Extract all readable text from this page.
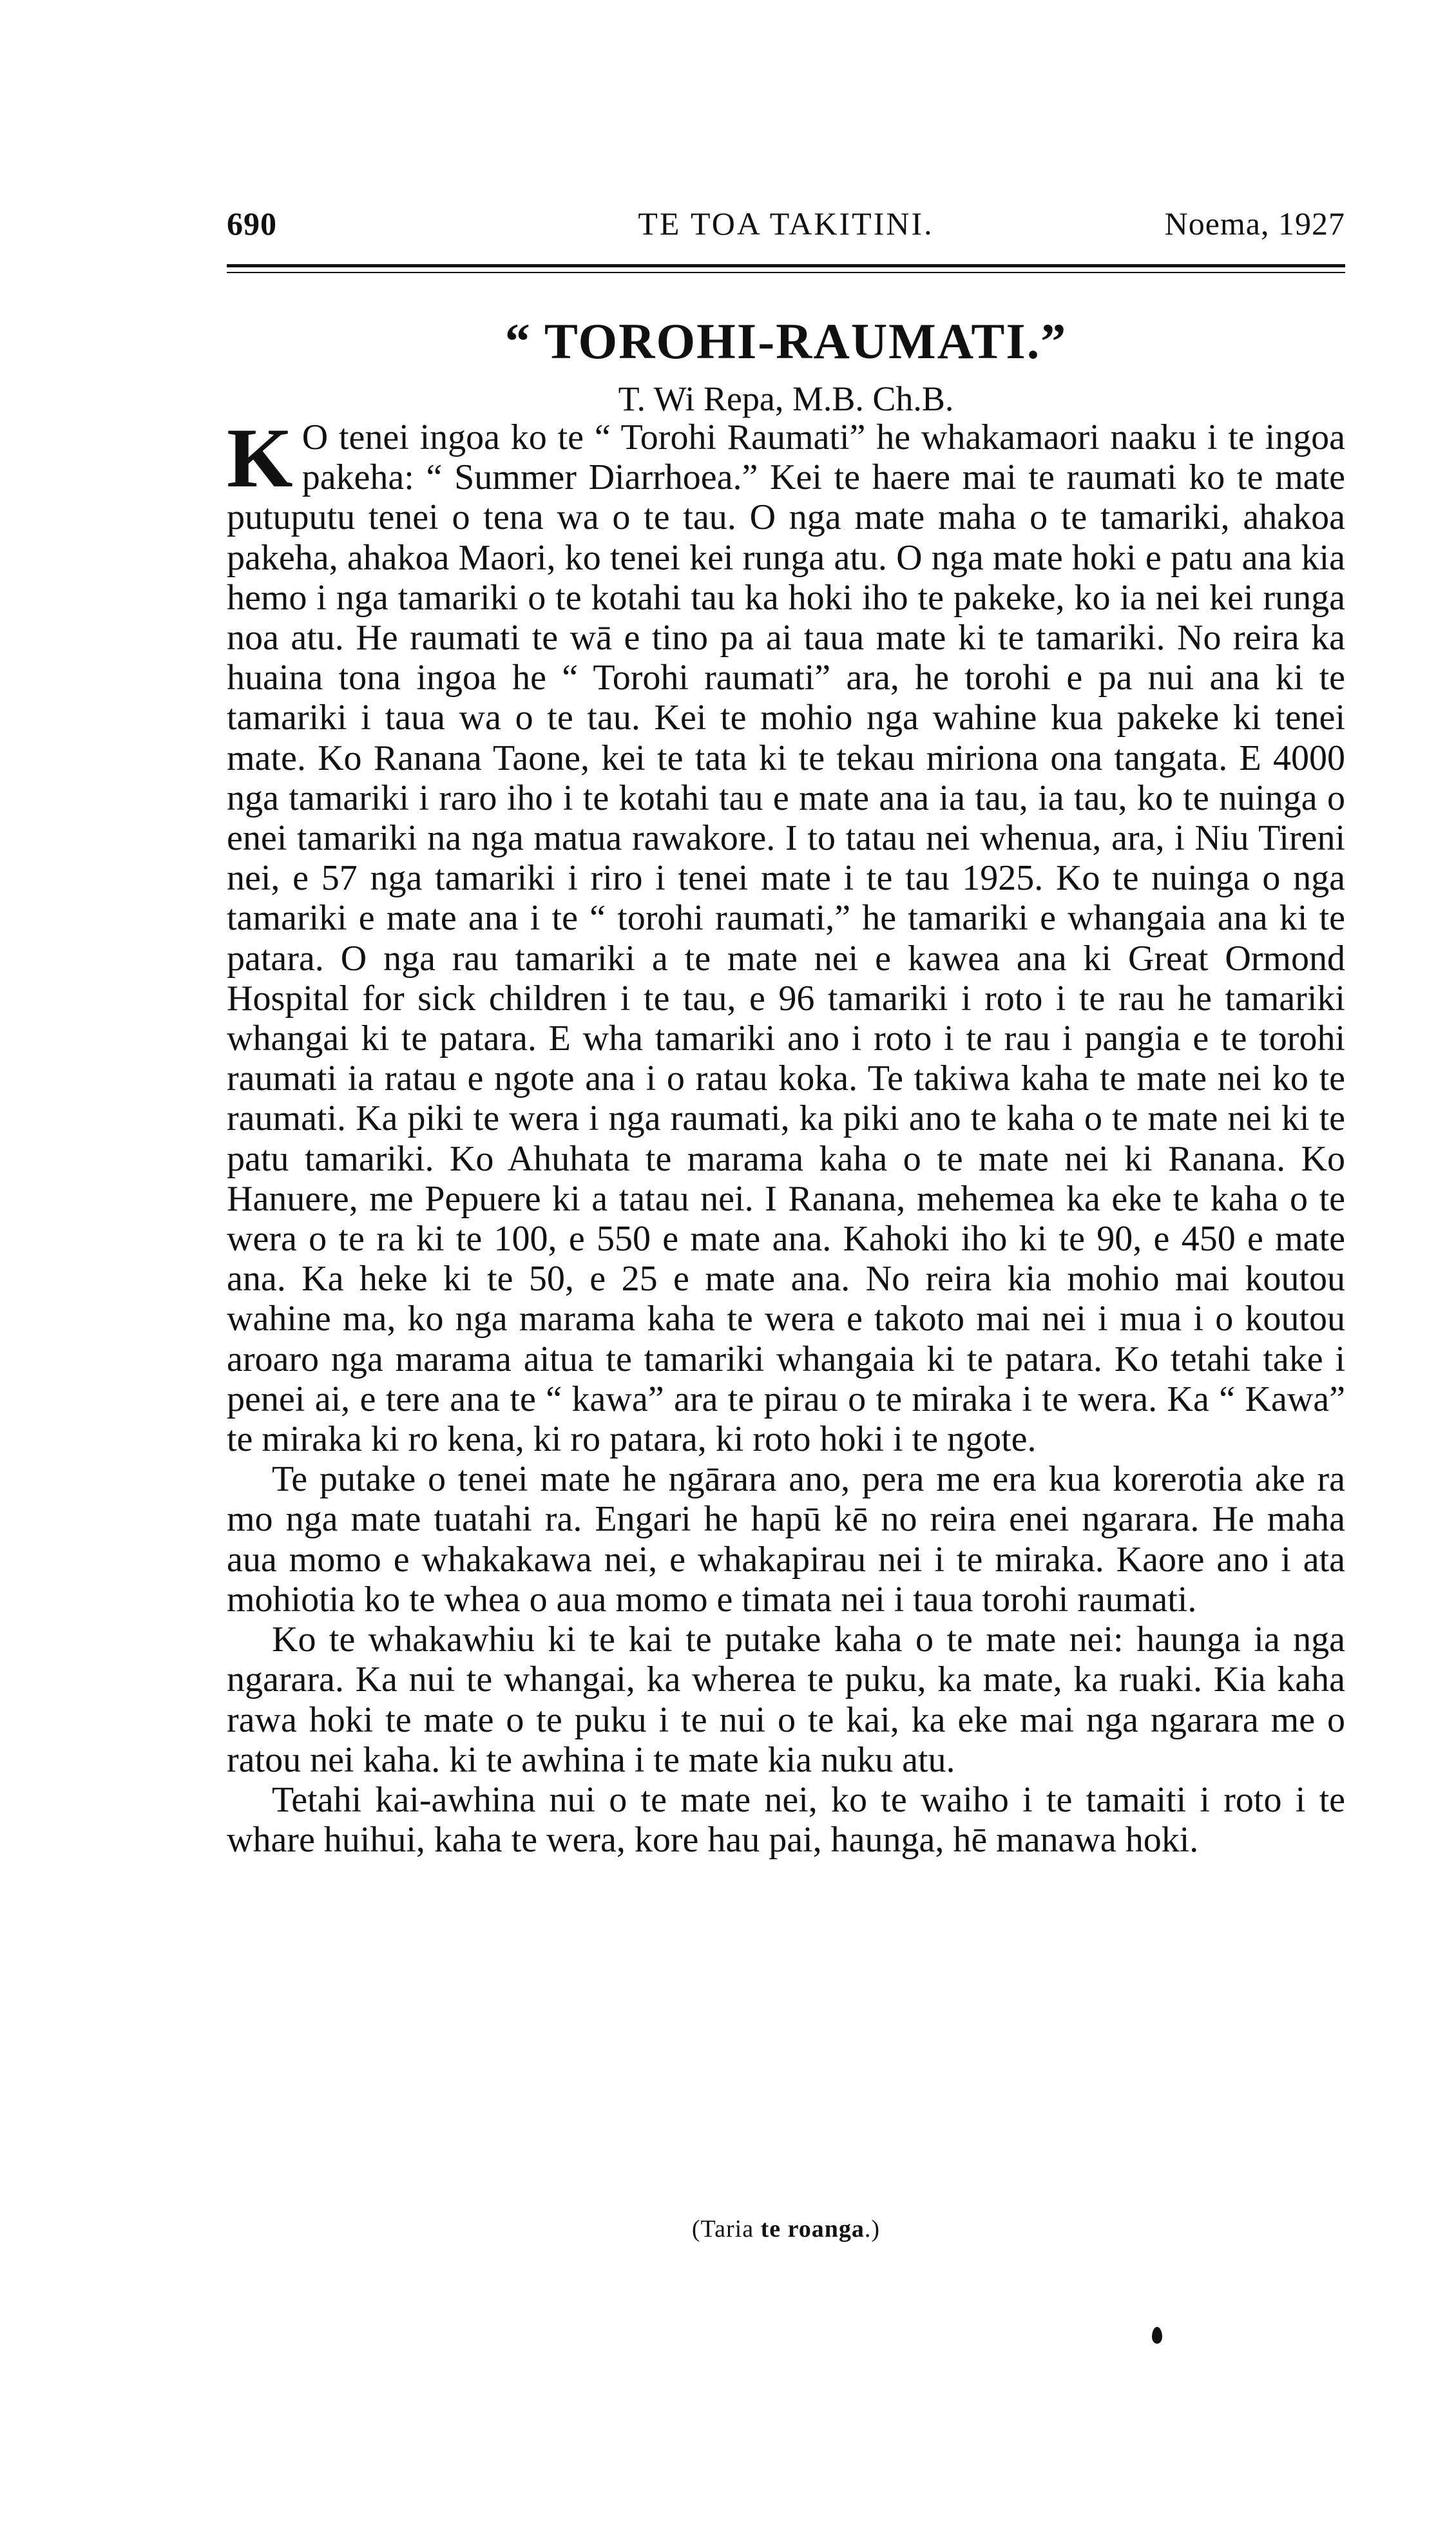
690	TE TOA TAKITINI.	Noema, 1927
“ TOROHI-RAUMATI.”
T. Wi Repa, M.B. Ch.B.

K O tenei ingoa ko te “ Torohi Raumati” he whakamaori naaku i te ingoa pakeha: “ Summer Diarrhoea.” Kei te haere mai te raumati ko te mate putuputu tenei o tena wa o te tau. O nga mate maha o te tamariki, ahakoa pakeha, ahakoa Maori, ko tenei kei runga atu. O nga mate hoki e patu ana kia hemo i nga tamariki o te kotahi tau ka hoki iho te pakeke, ko ia nei kei runga noa atu. He raumati te wā e tino pa ai taua mate ki te tamariki. No reira ka huaina tona ingoa he “ Torohi raumati” ara, he torohi e pa nui ana ki te tamariki i taua wa o te tau. Kei te mohio nga wahine kua pakeke ki tenei mate. Ko Ranana Taone, kei te tata ki te tekau miriona ona tangata. E 4000 nga tamariki i raro iho i te kotahi tau e mate ana ia tau, ia tau, ko te nuinga o enei tamariki na nga matua rawakore. I to tatau nei whenua, ara, i Niu Tireni nei, e 57 nga tamariki i riro i tenei mate i te tau 1925. Ko te nuinga o nga tamariki e mate ana i te “ torohi raumati,” he tamariki e whangaia ana ki te patara. O nga rau tamariki a te mate nei e kawea ana ki Great Ormond Hospital for sick children i te tau, e 96 tamariki i roto i te rau he tamariki whangai ki te patara. E wha tamariki ano i roto i te rau i pangia e te torohi raumati ia ratau e ngote ana i o ratau koka. Te takiwa kaha te mate nei ko te raumati. Ka piki te wera i nga raumati, ka piki ano te kaha o te mate nei ki te patu tamariki. Ko Ahuhata te marama kaha o te mate nei ki Ranana. Ko Hanuere, me Pepuere ki a tatau nei. I Ranana, mehemea ka eke te kaha o te wera o te ra ki te 100, e 550 e mate ana. Kahoki iho ki te 90, e 450 e mate ana. Ka heke ki te 50, e 25 e mate ana. No reira kia mohio mai koutou wahine ma, ko nga marama kaha te wera e takoto mai nei i mua i o koutou aroaro nga marama aitua te tamariki whangaia ki te patara. Ko tetahi take i penei ai, e tere ana te “ kawa” ara te pirau o te miraka i te wera. Ka “ Kawa” te miraka ki ro kena, ki ro patara, ki roto hoki i te ngote.

Te putake o tenei mate he ngārara ano, pera me era kua korerotia ake ra mo nga mate tuatahi ra. Engari he hapū kē no reira enei ngarara. He maha aua momo e whakakawa nei, e whakapirau nei i te miraka. Kaore ano i ata mohiotia ko te whea o aua momo e timata nei i taua torohi raumati.

Ko te whakawhiu ki te kai te putake kaha o te mate nei: haunga ia nga ngarara. Ka nui te whangai, ka wherea te puku, ka mate, ka ruaki. Kia kaha rawa hoki te mate o te puku i te nui o te kai, ka eke mai nga ngarara me o ratou nei kaha. ki te awhina i te mate kia nuku atu.

Tetahi kai-awhina nui o te mate nei, ko te waiho i te tamaiti i roto i te whare huihui, kaha te wera, kore hau pai, haunga, hē manawa hoki.

(Taria te roanga.)
